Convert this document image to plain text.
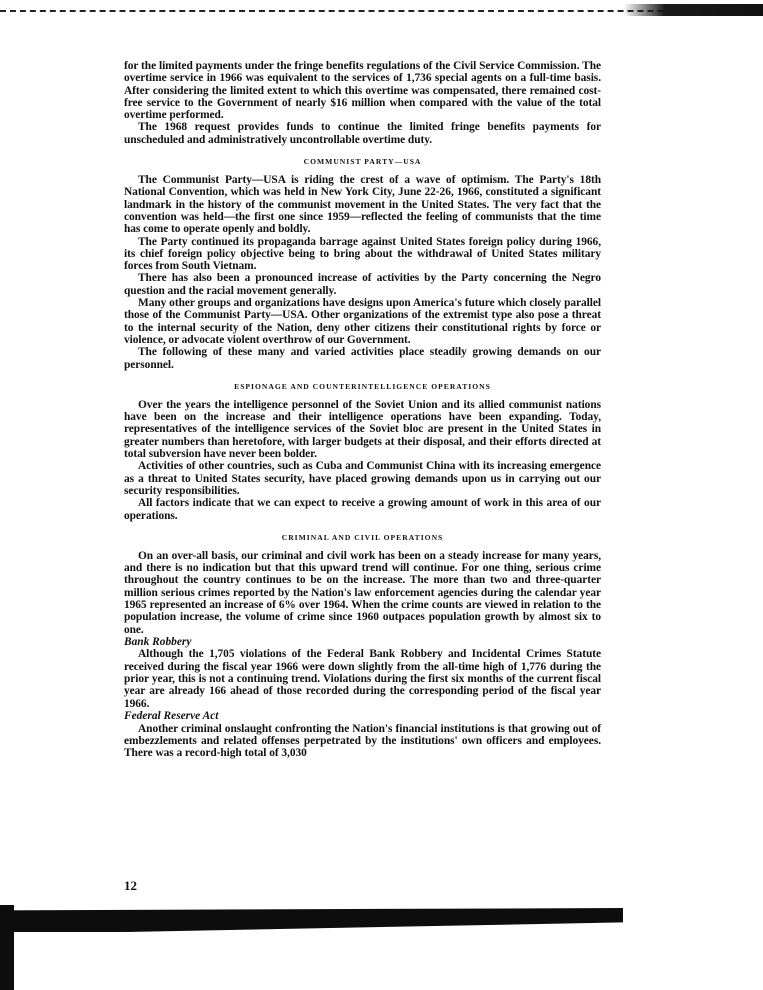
for the limited payments under the fringe benefits regulations of the Civil Service Commission. The overtime service in 1966 was equivalent to the services of 1,736 special agents on a full-time basis. After considering the limited extent to which this overtime was compensated, there remained cost-free service to the Government of nearly $16 million when compared with the value of the total overtime performed.

The 1968 request provides funds to continue the limited fringe benefits payments for unscheduled and administratively uncontrollable overtime duty.

COMMUNIST PARTY—USA

The Communist Party—USA is riding the crest of a wave of optimism. The Party's 18th National Convention, which was held in New York City, June 22-26, 1966, constituted a significant landmark in the history of the communist movement in the United States. The very fact that the convention was held—the first one since 1959—reflected the feeling of communists that the time has come to operate openly and boldly.

The Party continued its propaganda barrage against United States foreign policy during 1966, its chief foreign policy objective being to bring about the withdrawal of United States military forces from South Vietnam.

There has also been a pronounced increase of activities by the Party concerning the Negro question and the racial movement generally.

Many other groups and organizations have designs upon America's future which closely parallel those of the Communist Party—USA. Other organizations of the extremist type also pose a threat to the internal security of the Nation, deny other citizens their constitutional rights by force or violence, or advocate violent overthrow of our Government.

The following of these many and varied activities place steadily growing demands on our personnel.

ESPIONAGE AND COUNTERINTELLIGENCE OPERATIONS

Over the years the intelligence personnel of the Soviet Union and its allied communist nations have been on the increase and their intelligence operations have been expanding. Today, representatives of the intelligence services of the Soviet bloc are present in the United States in greater numbers than heretofore, with larger budgets at their disposal, and their efforts directed at total subversion have never been bolder.

Activities of other countries, such as Cuba and Communist China with its increasing emergence as a threat to United States security, have placed growing demands upon us in carrying out our security responsibilities.

All factors indicate that we can expect to receive a growing amount of work in this area of our operations.

CRIMINAL AND CIVIL OPERATIONS

On an over-all basis, our criminal and civil work has been on a steady increase for many years, and there is no indication but that this upward trend will continue. For one thing, serious crime throughout the country continues to be on the increase. The more than two and three-quarter million serious crimes reported by the Nation's law enforcement agencies during the calendar year 1965 represented an increase of 6% over 1964. When the crime counts are viewed in relation to the population increase, the volume of crime since 1960 outpaces population growth by almost six to one.

Bank Robbery

Although the 1,705 violations of the Federal Bank Robbery and Incidental Crimes Statute received during the fiscal year 1966 were down slightly from the all-time high of 1,776 during the prior year, this is not a continuing trend. Violations during the first six months of the current fiscal year are already 166 ahead of those recorded during the corresponding period of the fiscal year 1966.

Federal Reserve Act

Another criminal onslaught confronting the Nation's financial institutions is that growing out of embezzlements and related offenses perpetrated by the institutions' own officers and employees. There was a record-high total of 3,030

12
